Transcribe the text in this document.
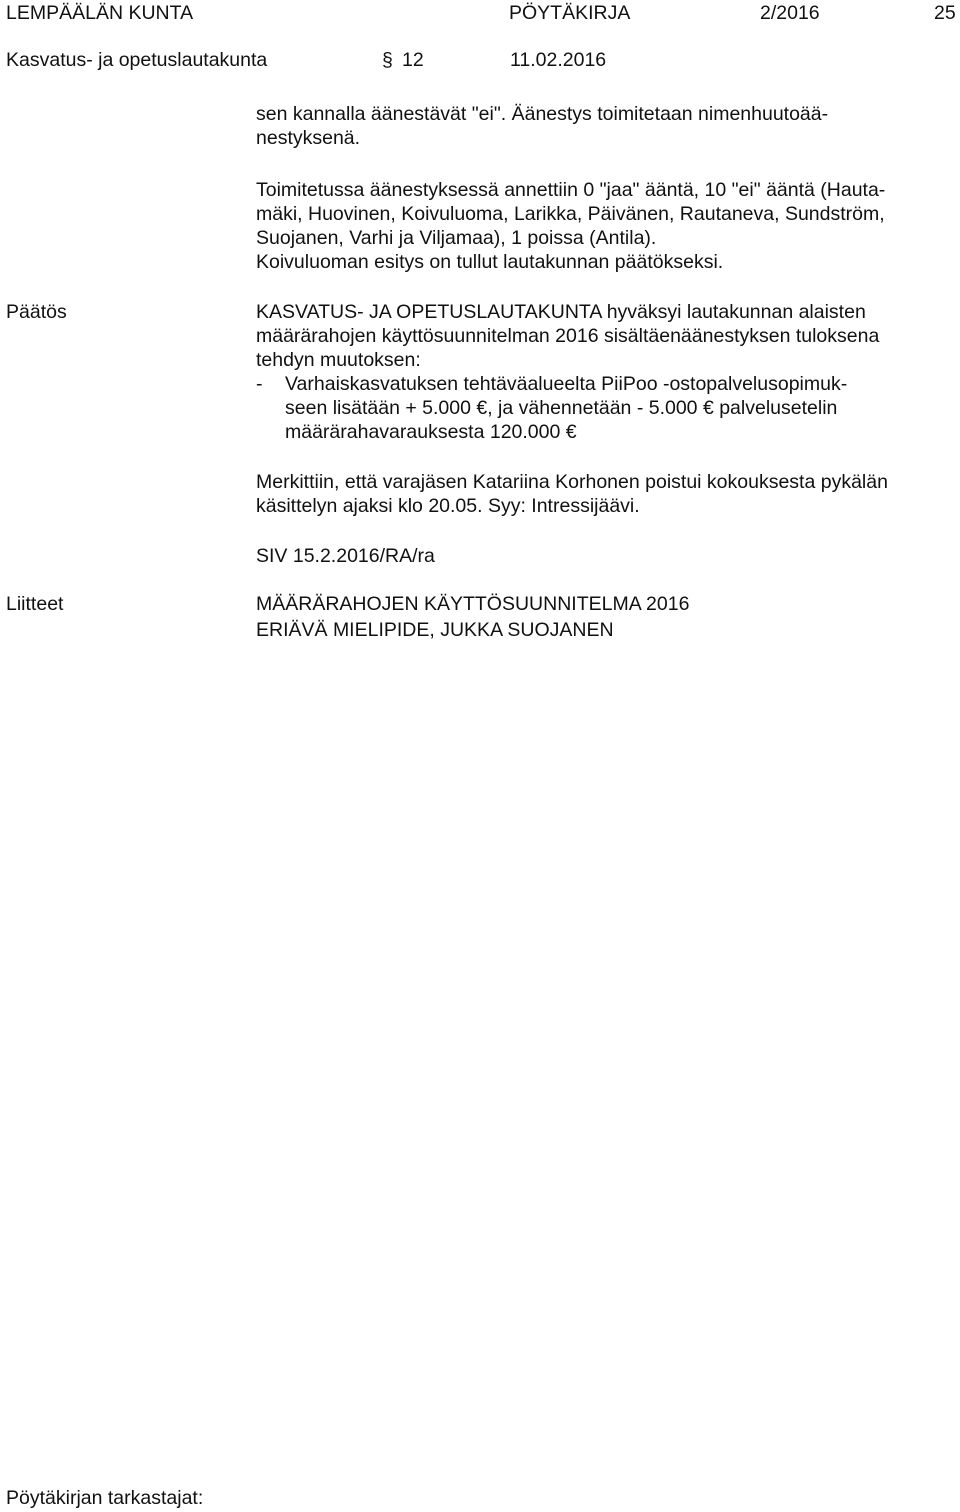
LEMPÄÄLÄN KUNTA	PÖYTÄKIRJA	2/2016	25
Kasvatus- ja opetuslautakunta	§ 12	11.02.2016
sen kannalla äänestävät "ei". Äänestys toimitetaan nimenhuutoää-
nestyksenä.
Toimitetussa äänestyksessä annettiin 0 "jaa" ääntä, 10 "ei" ääntä (Hauta-
mäki, Huovinen, Koivuluoma, Larikka, Päivänen, Rautaneva, Sundström,
Suojanen, Varhi ja Viljamaa), 1 poissa (Antila).
Koivuluoman esitys on tullut lautakunnan päätökseksi.
Päätös	KASVATUS- JA OPETUSLAUTAKUNTA hyväksyi lautakunnan alaisten
määrärahojen käyttösuunnitelman 2016 sisältäenäänestyksen tuloksena
tehdyn muutoksen:
- Varhaiskasvatuksen tehtäväalueelta PiiPoo -ostopalvelusopimuk-
seen lisätään + 5.000 €, ja vähennetään - 5.000 € palvelusetelin
määrärahavarauksesta 120.000 €
Merkittiin, että varajäsen Katariina Korhonen poistui kokouksesta pykälän
käsittelyn ajaksi klo 20.05. Syy: Intressijäävi.
SIV 15.2.2016/RA/ra
Liitteet	MÄÄRÄRAHOJEN KÄYTTÖSUUNNITELMA 2016
ERIÄVÄ MIELIPIDE, JUKKA SUOJANEN
Pöytäkirjan tarkastajat:
